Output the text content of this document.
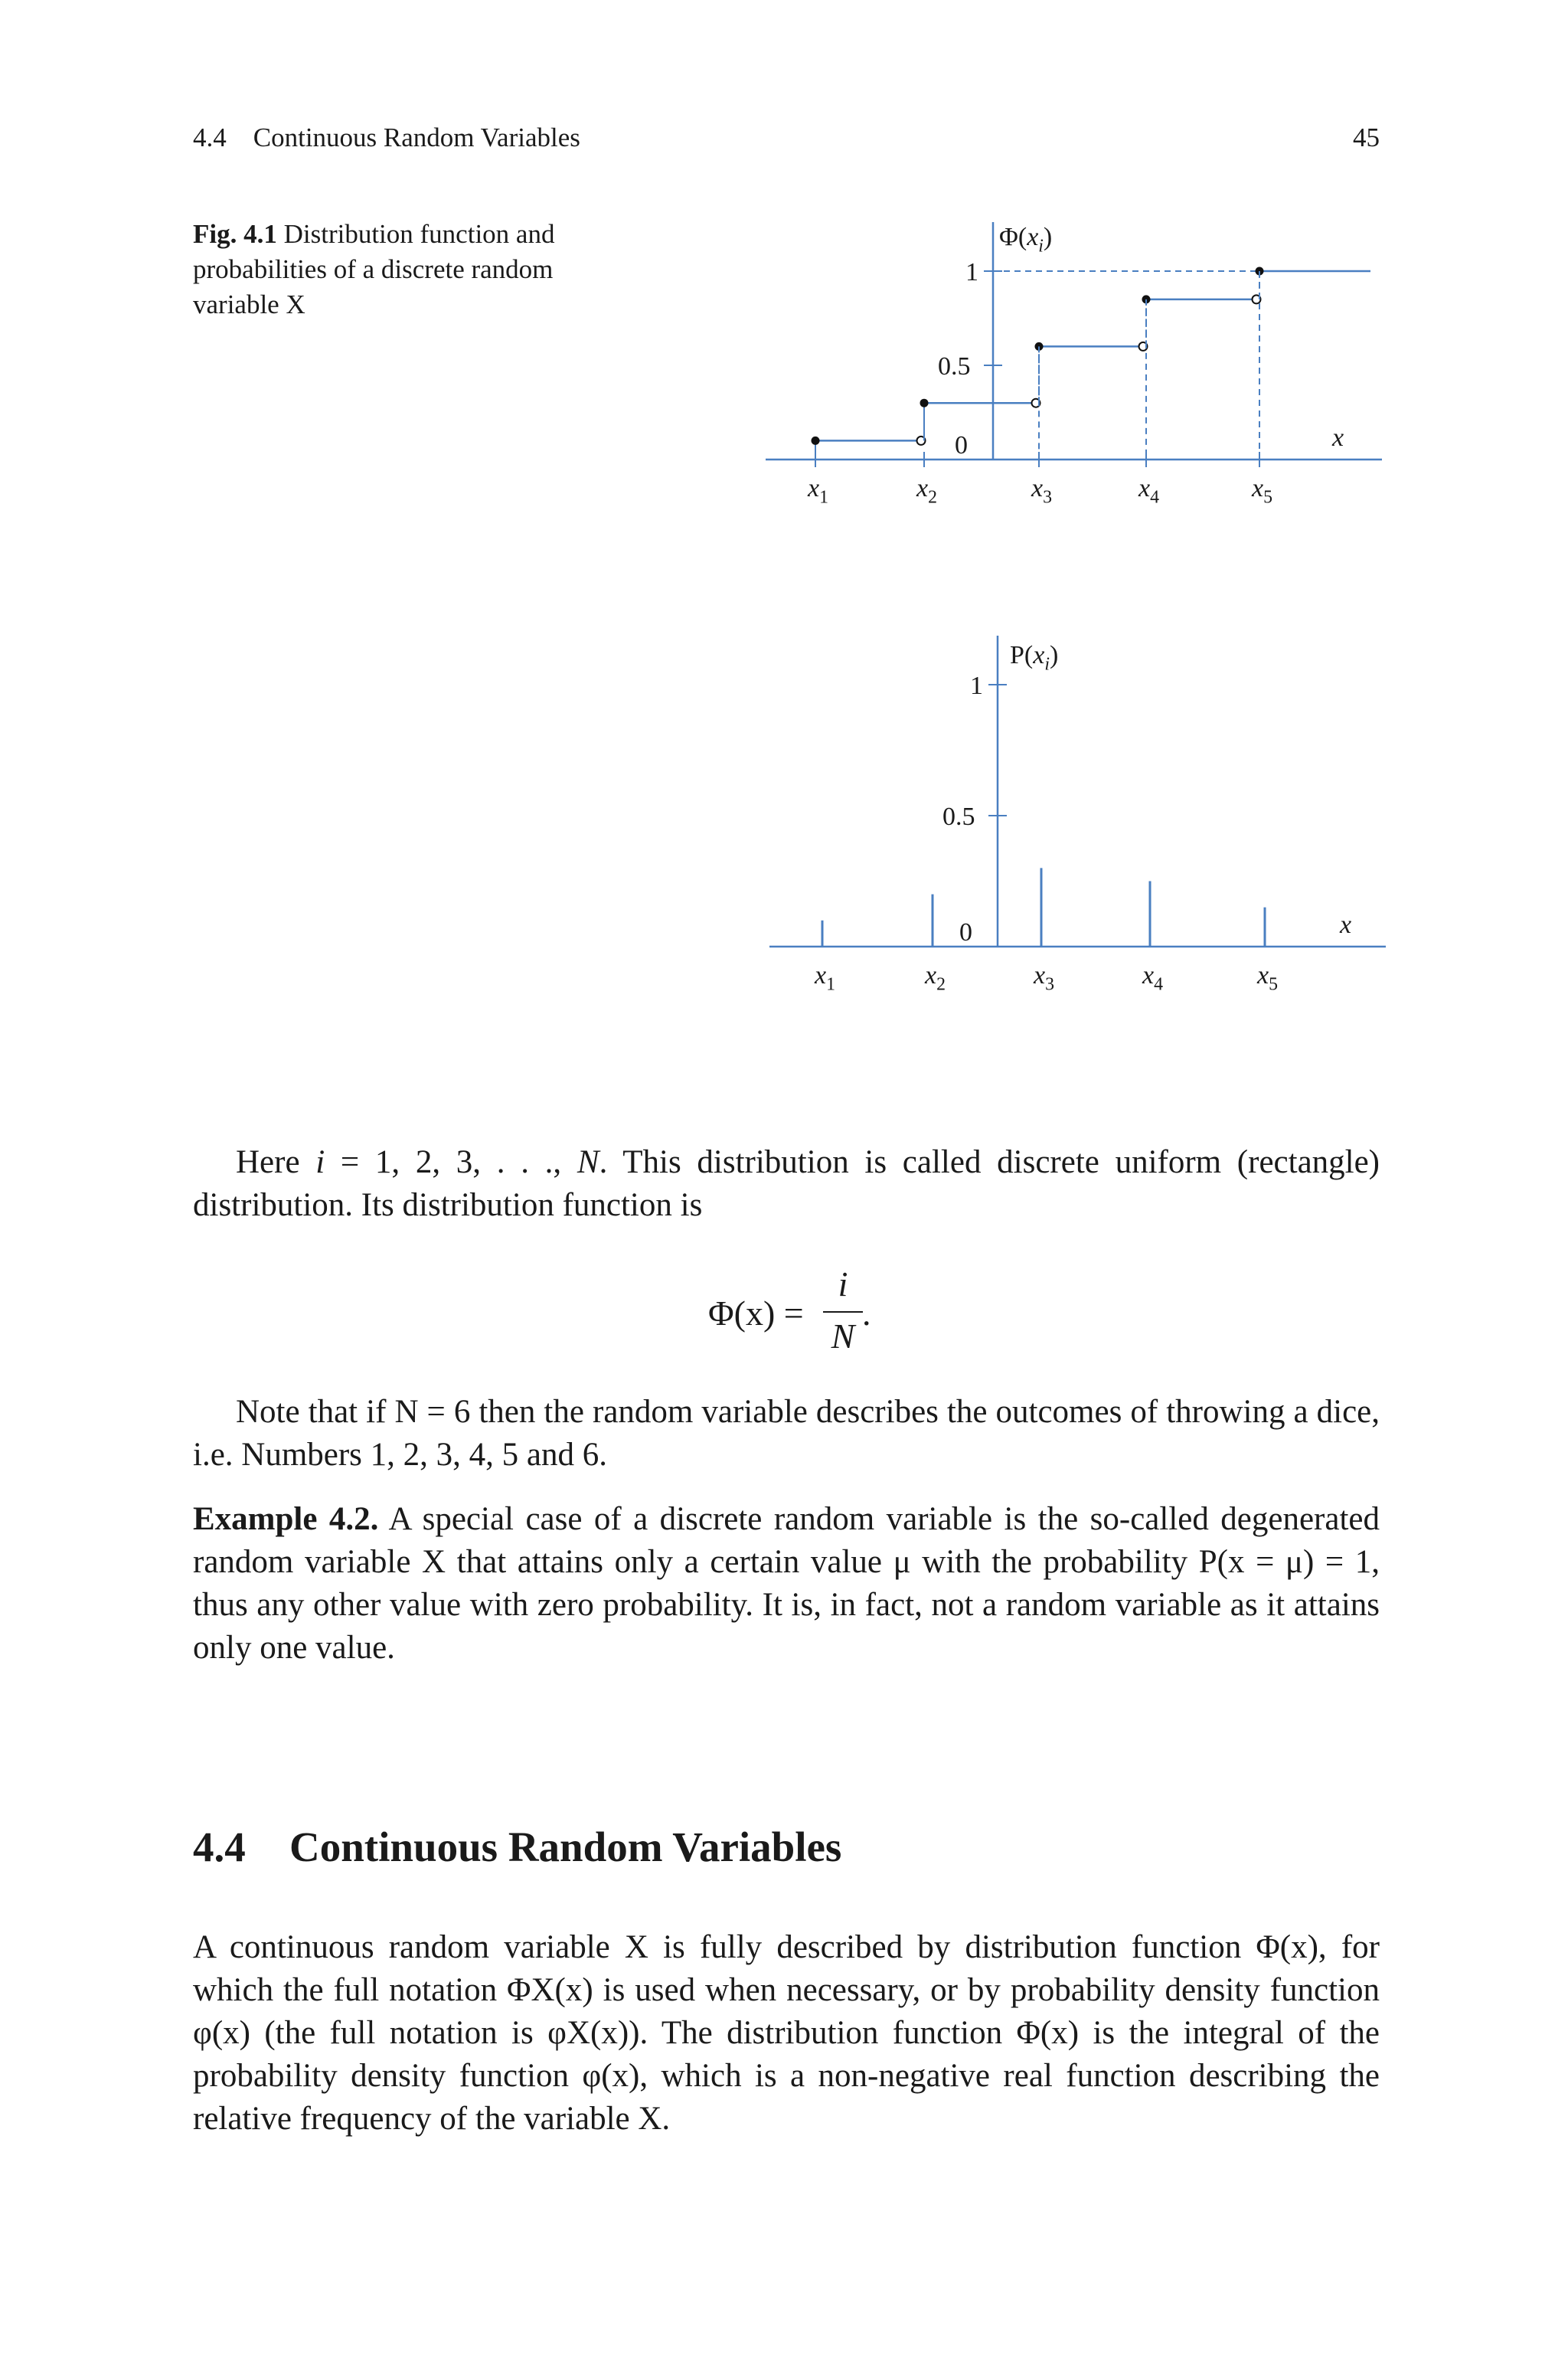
4.4    Continuous Random Variables	45
Fig. 4.1 Distribution function and probabilities of a discrete random variable X
1
0.5
0
$\Phi(x_i)$
x
$x_1$	$x_2$	$x_3$	$x_4$	$x_5$
1
0.5
0
$P(x_i)$
x
$x_1$	$x_2$	$x_3$	$x_4$	$x_5$
Here i = 1, 2, 3, . . ., N. This distribution is called discrete uniform (rectangle) distribution. Its distribution function is
Φ(x) =
i
N
.
Note that if N = 6 then the random variable describes the outcomes of throwing a dice, i.e. Numbers 1, 2, 3, 4, 5 and 6.
Example 4.2. A special case of a discrete random variable is the so-called degenerated random variable X that attains only a certain value μ with the probability P(x = μ) = 1, thus any other value with zero probability. It is, in fact, not a random variable as it attains only one value.
4.4 Continuous Random Variables
A continuous random variable X is fully described by distribution function Φ(x), for which the full notation ΦX(x) is used when necessary, or by probability density function φ(x) (the full notation is φX(x)). The distribution function Φ(x) is the integral of the probability density function φ(x), which is a non-negative real function describing the relative frequency of the variable X.
